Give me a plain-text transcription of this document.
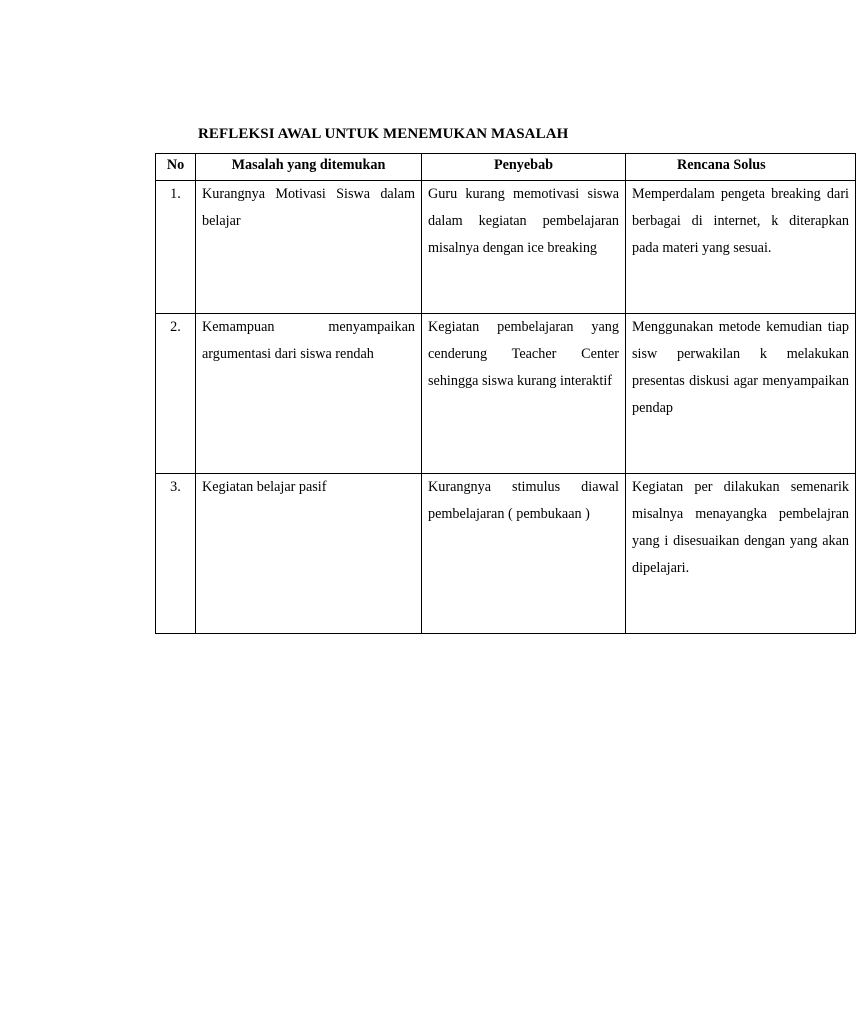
REFLEKSI AWAL UNTUK MENEMUKAN MASALAH
No	Masalah yang ditemukan	Penyebab	Rencana Solus
1.	Kurangnya Motivasi Siswa dalam belajar	Guru kurang memotivasi siswa dalam kegiatan pembelajaran misalnya dengan ice breaking	Memperdalam pengeta breaking dari berbagai di internet, k diterapkan pada materi yang sesuai.
2.	Kemampuan menyampaikan argumentasi dari siswa rendah	Kegiatan pembelajaran yang cenderung Teacher Center sehingga siswa kurang interaktif	Menggunakan metode kemudian tiap sisw perwakilan k melakukan presentas diskusi agar menyampaikan pendap
3.	Kegiatan belajar pasif	Kurangnya stimulus diawal pembelajaran ( pembukaan )	Kegiatan per dilakukan semenarik misalnya menayangka pembelajran yang i disesuaikan dengan yang akan dipelajari.
